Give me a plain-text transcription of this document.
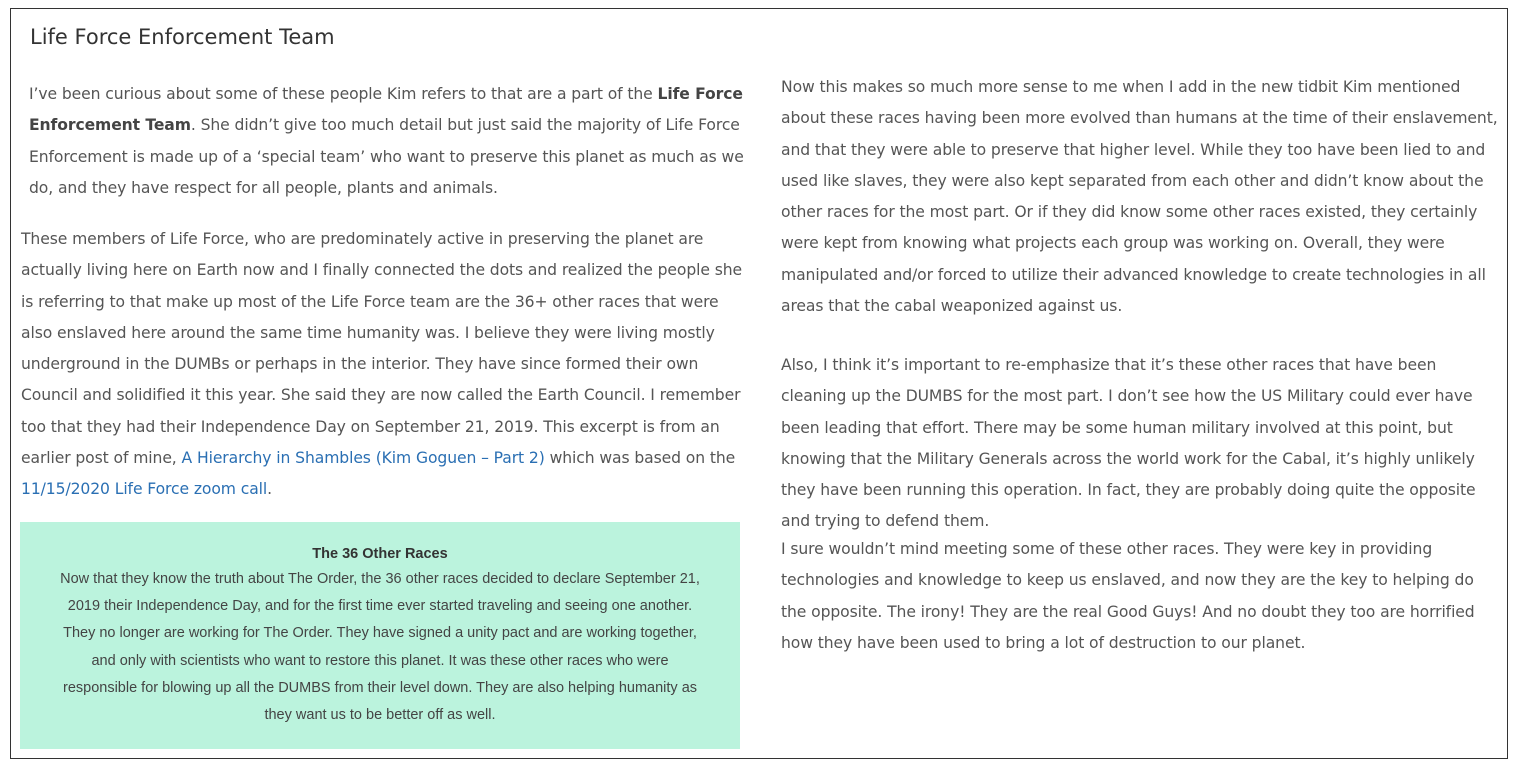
Life Force Enforcement Team

I’ve been curious about some of these people Kim refers to that are a part of the Life Force Enforcement Team. She didn’t give too much detail but just said the majority of Life Force Enforcement is made up of a ‘special team’ who want to preserve this planet as much as we do, and they have respect for all people, plants and animals.

These members of Life Force, who are predominately active in preserving the planet are actually living here on Earth now and I finally connected the dots and realized the people she is referring to that make up most of the Life Force team are the 36+ other races that were also enslaved here around the same time humanity was. I believe they were living mostly underground in the DUMBs or perhaps in the interior. They have since formed their own Council and solidified it this year. She said they are now called the Earth Council. I remember too that they had their Independence Day on September 21, 2019. This excerpt is from an earlier post of mine, A Hierarchy in Shambles (Kim Goguen – Part 2) which was based on the 11/15/2020 Life Force zoom call.

The 36 Other Races

Now that they know the truth about The Order, the 36 other races decided to declare September 21, 2019 their Independence Day, and for the first time ever started traveling and seeing one another. They no longer are working for The Order. They have signed a unity pact and are working together, and only with scientists who want to restore this planet. It was these other races who were responsible for blowing up all the DUMBS from their level down. They are also helping humanity as they want us to be better off as well.

Now this makes so much more sense to me when I add in the new tidbit Kim mentioned about these races having been more evolved than humans at the time of their enslavement, and that they were able to preserve that higher level. While they too have been lied to and used like slaves, they were also kept separated from each other and didn’t know about the other races for the most part. Or if they did know some other races existed, they certainly were kept from knowing what projects each group was working on. Overall, they were manipulated and/or forced to utilize their advanced knowledge to create technologies in all areas that the cabal weaponized against us.

Also, I think it’s important to re-emphasize that it’s these other races that have been cleaning up the DUMBS for the most part. I don’t see how the US Military could ever have been leading that effort. There may be some human military involved at this point, but knowing that the Military Generals across the world work for the Cabal, it’s highly unlikely they have been running this operation. In fact, they are probably doing quite the opposite and trying to defend them.

I sure wouldn’t mind meeting some of these other races. They were key in providing technologies and knowledge to keep us enslaved, and now they are the key to helping do the opposite. The irony! They are the real Good Guys! And no doubt they too are horrified how they have been used to bring a lot of destruction to our planet.
